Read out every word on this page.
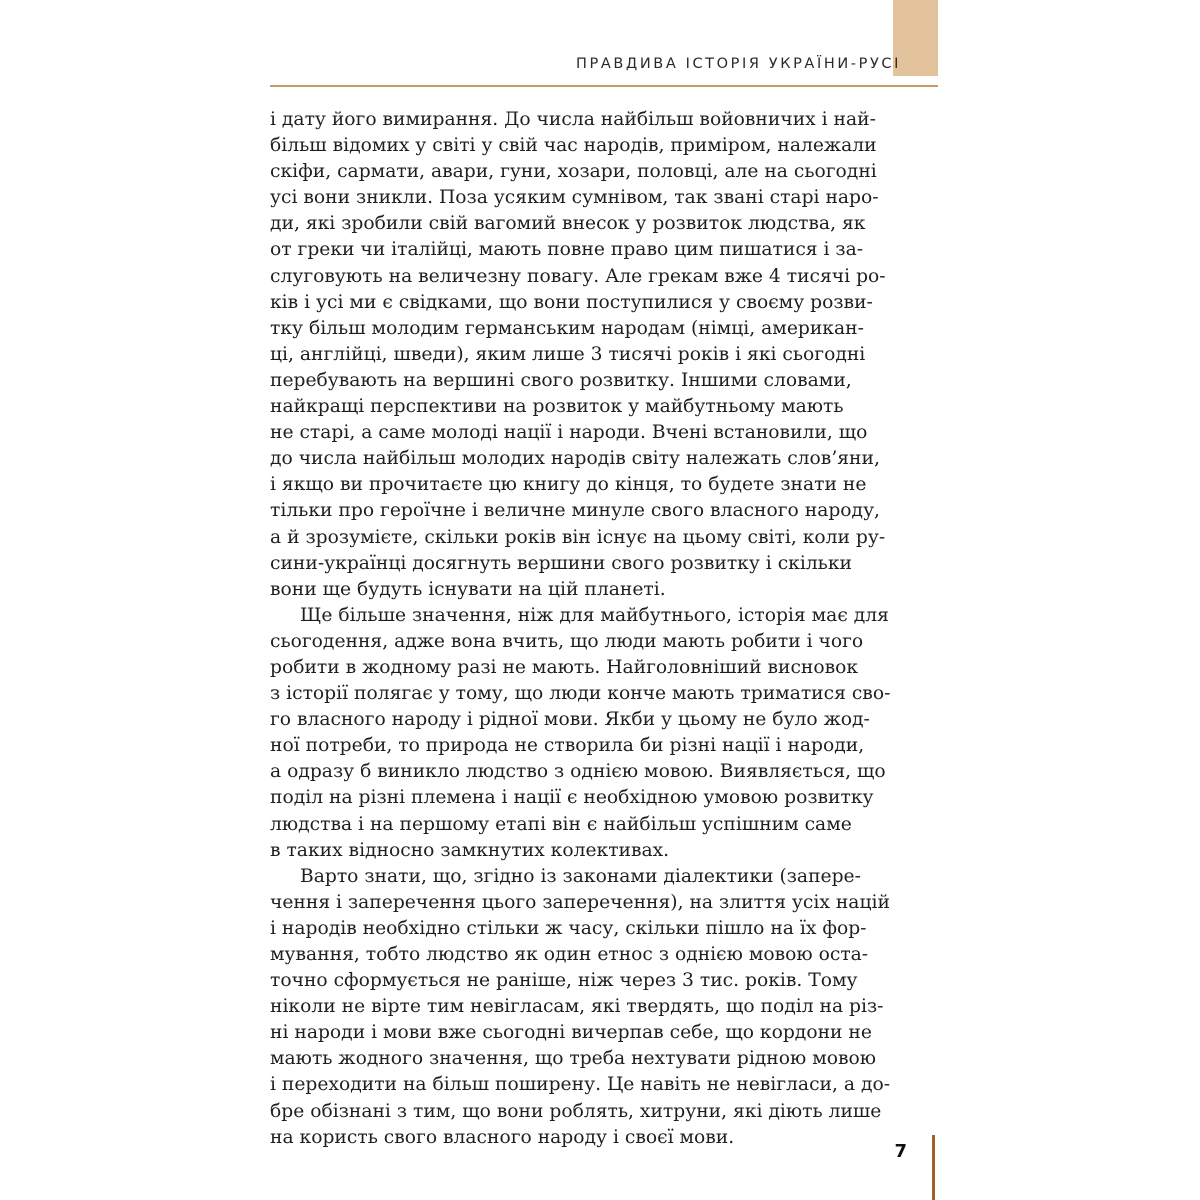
ПРАВДИВА ІСТОРІЯ УКРАЇНИ-РУСІ
і дату його вимирання. До числа найбільш войовничих і най-
більш відомих у світі у свій час народів, приміром, належали
скіфи, сармати, авари, гуни, хозари, половці, але на сьогодні
усі вони зникли. Поза усяким сумнівом, так звані старі наро-
ди, які зробили свій вагомий внесок у розвиток людства, як
от греки чи італійці, мають повне право цим пишатися і за-
слуговують на величезну повагу. Але грекам вже 4 тисячі ро-
ків і усі ми є свідками, що вони поступилися у своєму розви-
тку більш молодим германським народам (німці, американ-
ці, англійці, шведи), яким лише 3 тисячі років і які сьогодні
перебувають на вершині свого розвитку. Іншими словами,
найкращі перспективи на розвиток у майбутньому мають
не старі, а саме молоді нації і народи. Вчені встановили, що
до числа найбільш молодих народів світу належать слов’яни,
і якщо ви прочитаєте цю книгу до кінця, то будете знати не
тільки про героїчне і величне минуле свого власного народу,
а й зрозумієте, скільки років він існує на цьому світі, коли ру-
сини-українці досягнуть вершини свого розвитку і скільки
вони ще будуть існувати на цій планеті.
Ще більше значення, ніж для майбутнього, історія має для
сьогодення, адже вона вчить, що люди мають робити і чого
робити в жодному разі не мають. Найголовніший висновок
з історії полягає у тому, що люди конче мають триматися сво-
го власного народу і рідної мови. Якби у цьому не було жод-
ної потреби, то природа не створила би різні нації і народи,
а одразу б виникло людство з однією мовою. Виявляється, що
поділ на різні племена і нації є необхідною умовою розвитку
людства і на першому етапі він є найбільш успішним саме
в таких відносно замкнутих колективах.
Варто знати, що, згідно із законами діалектики (запере-
чення і заперечення цього заперечення), на злиття усіх націй
і народів необхідно стільки ж часу, скільки пішло на їх фор-
мування, тобто людство як один етнос з однією мовою оста-
точно сформується не раніше, ніж через 3 тис. років. Тому
ніколи не вірте тим невігласам, які твердять, що поділ на різ-
ні народи і мови вже сьогодні вичерпав себе, що кордони не
мають жодного значення, що треба нехтувати рідною мовою
і переходити на більш поширену. Це навіть не невігласи, а до-
бре обізнані з тим, що вони роблять, хитруни, які діють лише
на користь свого власного народу і своєї мови.
7
